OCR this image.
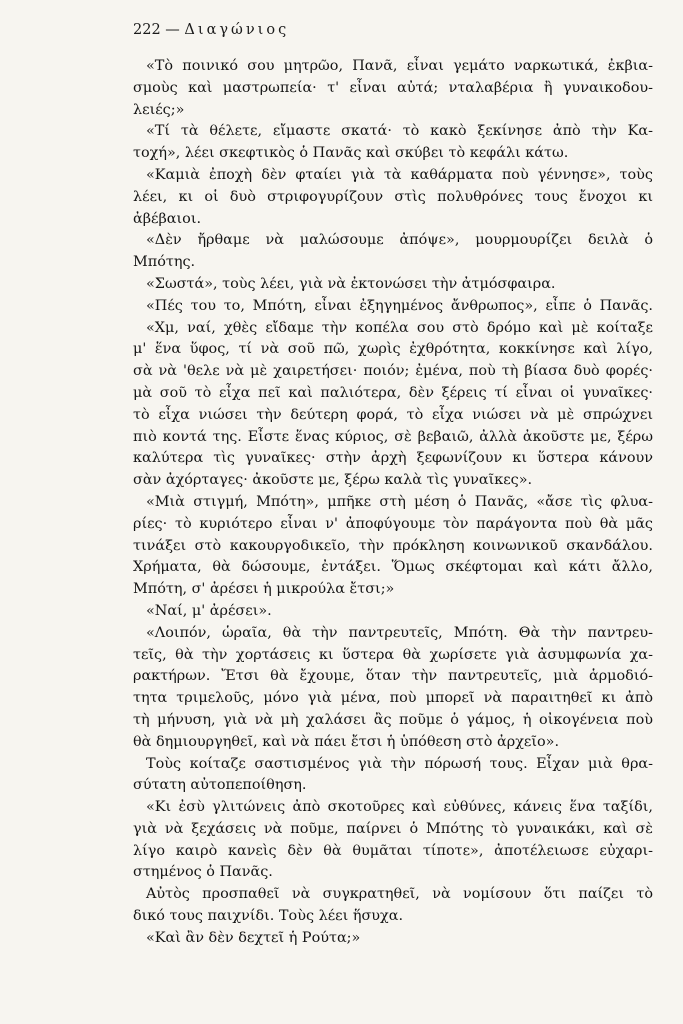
222 — Διαγώνιος
«Τὸ ποινικό σου μητρῶο, Πανᾶ, εἶναι γεμάτο ναρκωτικά, ἐκβια-
σμοὺς καὶ μαστρωπεία· τ' εἶναι αὐτά; νταλαβέρια ἢ γυναικοδου-
λειές;»
«Τί τὰ θέλετε, εἴμαστε σκατά· τὸ κακὸ ξεκίνησε ἀπὸ τὴν Κα-
τοχή», λέει σκεφτικὸς ὁ Πανᾶς καὶ σκύβει τὸ κεφάλι κάτω.
«Καμιὰ ἐποχὴ δὲν φταίει γιὰ τὰ καθάρματα ποὺ γέννησε», τοὺς
λέει, κι οἱ δυὸ στριφογυρίζουν στὶς πολυθρόνες τους ἔνοχοι κι
ἀβέβαιοι.
«Δὲν ἤρθαμε νὰ μαλώσουμε ἀπόψε», μουρμουρίζει δειλὰ ὁ
Μπότης.
«Σωστά», τοὺς λέει, γιὰ νὰ ἐκτονώσει τὴν ἀτμόσφαιρα.
«Πές του το, Μπότη, εἶναι ἐξηγημένος ἄνθρωπος», εἶπε ὁ Πανᾶς.
«Χμ, ναί, χθὲς εἴδαμε τὴν κοπέλα σου στὸ δρόμο καὶ μὲ κοίταξε
μ' ἕνα ὕφος, τί νὰ σοῦ πῶ, χωρὶς ἐχθρότητα, κοκκίνησε καὶ λίγο,
σὰ νὰ 'θελε νὰ μὲ χαιρετήσει· ποιόν; ἐμένα, ποὺ τὴ βίασα δυὸ φορές·
μὰ σοῦ τὸ εἶχα πεῖ καὶ παλιότερα, δὲν ξέρεις τί εἶναι οἱ γυναῖκες·
τὸ εἶχα νιώσει τὴν δεύτερη φορά, τὸ εἶχα νιώσει νὰ μὲ σπρώχνει
πιὸ κοντά της. Εἶστε ἕνας κύριος, σὲ βεβαιῶ, ἀλλὰ ἀκοῦστε με, ξέρω
καλύτερα τὶς γυναῖκες· στὴν ἀρχὴ ξεφωνίζουν κι ὕστερα κάνουν
σὰν ἀχόρταγες· ἀκοῦστε με, ξέρω καλὰ τὶς γυναῖκες».
«Μιὰ στιγμή, Μπότη», μπῆκε στὴ μέση ὁ Πανᾶς, «ἄσε τὶς φλυα-
ρίες· τὸ κυριότερο εἶναι ν' ἀποφύγουμε τὸν παράγοντα ποὺ θὰ μᾶς
τινάξει στὸ κακουργοδικεῖο, τὴν πρόκληση κοινωνικοῦ σκανδάλου.
Χρήματα, θὰ δώσουμε, ἐντάξει. Ὅμως σκέφτομαι καὶ κάτι ἄλλο,
Μπότη, σ' ἀρέσει ἡ μικρούλα ἔτσι;»
«Ναί, μ' ἀρέσει».
«Λοιπόν, ὡραῖα, θὰ τὴν παντρευτεῖς, Μπότη. Θὰ τὴν παντρευ-
τεῖς, θὰ τὴν χορτάσεις κι ὕστερα θὰ χωρίσετε γιὰ ἀσυμφωνία χα-
ρακτήρων. Ἔτσι θὰ ἔχουμε, ὅταν τὴν παντρευτεῖς, μιὰ ἁρμοδιό-
τητα τριμελοῦς, μόνο γιὰ μένα, ποὺ μπορεῖ νὰ παραιτηθεῖ κι ἀπὸ
τὴ μήνυση, γιὰ νὰ μὴ χαλάσει ἂς ποῦμε ὁ γάμος, ἡ οἰκογένεια ποὺ
θὰ δημιουργηθεῖ, καὶ νὰ πάει ἔτσι ἡ ὑπόθεση στὸ ἀρχεῖο».
Τοὺς κοίταζε σαστισμένος γιὰ τὴν πόρωσή τους. Εἶχαν μιὰ θρα-
σύτατη αὐτοπεποίθηση.
«Κι ἐσὺ γλιτώνεις ἀπὸ σκοτοῦρες καὶ εὐθύνες, κάνεις ἕνα ταξίδι,
γιὰ νὰ ξεχάσεις νὰ ποῦμε, παίρνει ὁ Μπότης τὸ γυναικάκι, καὶ σὲ
λίγο καιρὸ κανεὶς δὲν θὰ θυμᾶται τίποτε», ἀποτέλειωσε εὐχαρι-
στημένος ὁ Πανᾶς.
Αὐτὸς προσπαθεῖ νὰ συγκρατηθεῖ, νὰ νομίσουν ὅτι παίζει τὸ
δικό τους παιχνίδι. Τοὺς λέει ἥσυχα.
«Καὶ ἂν δὲν δεχτεῖ ἡ Ρούτα;»
